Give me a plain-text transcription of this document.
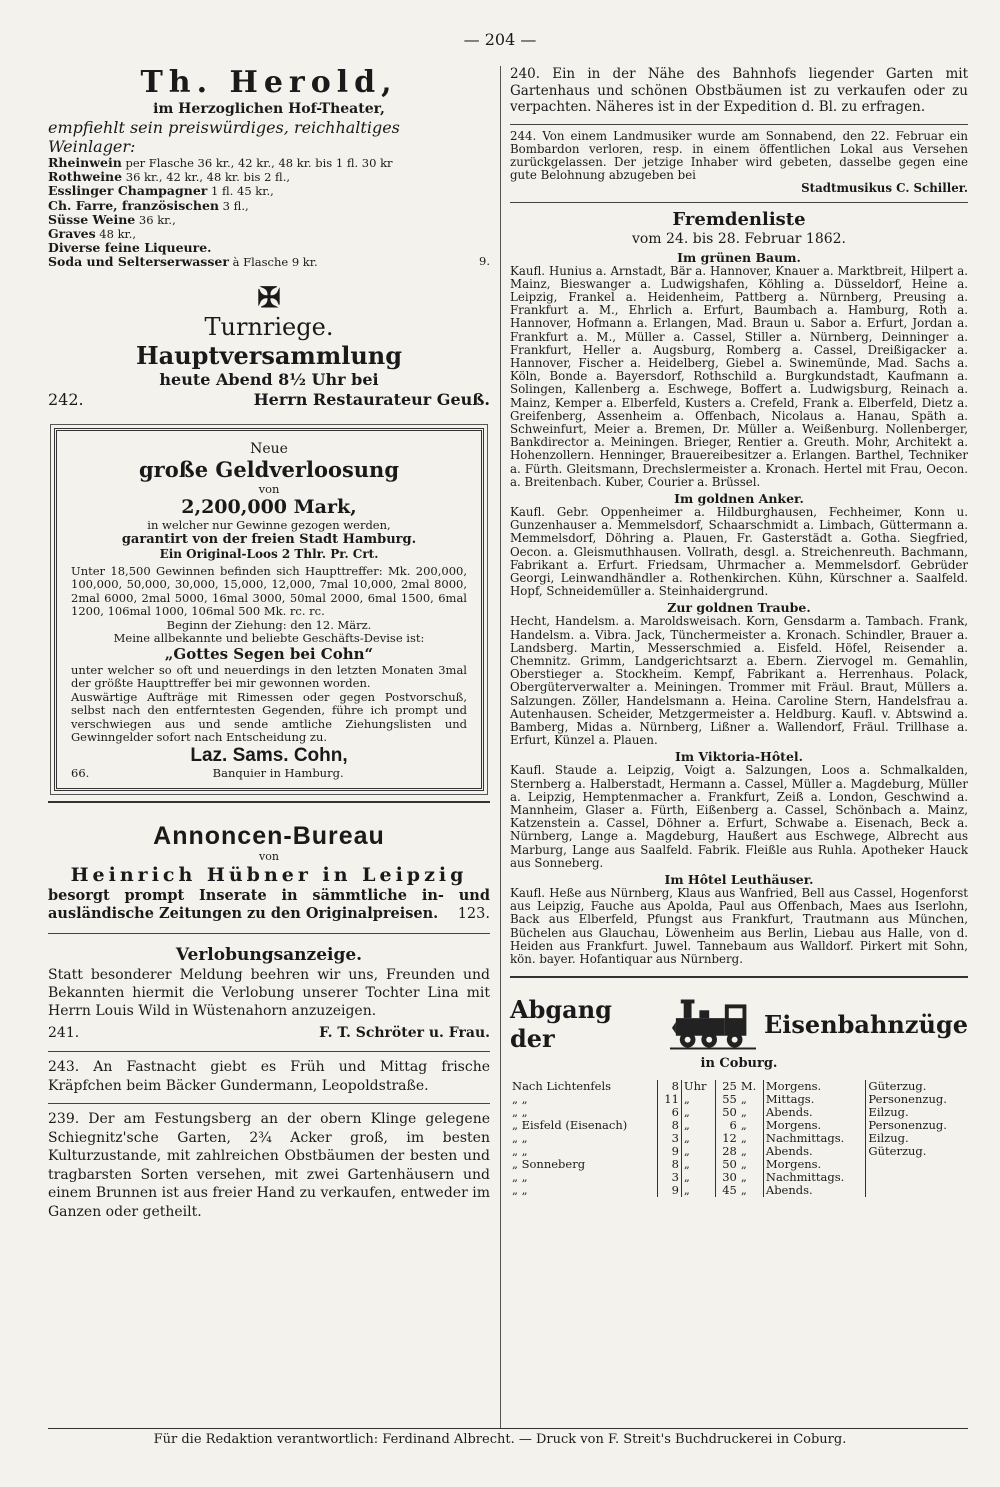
— 204 —
Th. Herold,
im Herzoglichen Hof-Theater,
empfiehlt sein preiswürdiges, reichhaltiges Weinlager:
Rheinwein per Flasche 36 kr., 42 kr., 48 kr. bis 1 fl. 30 kr
Rothweine 36 kr., 42 kr., 48 kr. bis 2 fl.,
Esslinger Champagner 1 fl. 45 kr.,
Ch. Farre, französischen 3 fl.,
Süsse Weine 36 kr.,
Graves 48 kr.,
Diverse feine Liqueure.
Soda und Selterserwasser à Flasche 9 kr.	9.
✠
Turnriege.
Hauptversammlung
heute Abend 8½ Uhr bei
242.	Herrn Restaurateur Geuß.
Neue
große Geldverloosung
von
2,200,000 Mark,
in welcher nur Gewinne gezogen werden,
garantirt von der freien Stadt Hamburg.
Ein Original-Loos 2 Thlr. Pr. Crt.

Unter 18,500 Gewinnen befinden sich Haupttreffer: Mk. 200,000, 100,000, 50,000, 30,000, 15,000, 12,000, 7mal 10,000, 2mal 8000, 2mal 6000, 2mal 5000, 16mal 3000, 50mal 2000, 6mal 1500, 6mal 1200, 106mal 1000, 106mal 500 Mk. rc. rc.

Beginn der Ziehung: den 12. März.
Meine allbekannte und beliebte Geschäfts-Devise ist:
„Gottes Segen bei Cohn“

unter welcher so oft und neuerdings in den letzten Monaten 3mal der größte Haupttreffer bei mir gewonnen worden.

Auswärtige Aufträge mit Rimessen oder gegen Postvorschuß, selbst nach den entferntesten Gegenden, führe ich prompt und verschwiegen aus und sende amtliche Ziehungslisten und Gewinngelder sofort nach Entscheidung zu.

Laz. Sams. Cohn,
66.	Banquier in Hamburg.
Annoncen-Bureau
von
Heinrich Hübner in Leipzig

besorgt prompt Inserate in sämmtliche in- und ausländische Zeitungen zu den Originalpreisen. 123.

Verlobungsanzeige.

Statt besonderer Meldung beehren wir uns, Freunden und Bekannten hiermit die Verlobung unserer Tochter Lina mit Herrn Louis Wild in Wüstenahorn anzuzeigen.

241.	F. T. Schröter u. Frau.

243. An Fastnacht giebt es Früh und Mittag frische Kräpfchen beim Bäcker Gundermann, Leopoldstraße.

239. Der am Festungsberg an der obern Klinge gelegene Schiegnitz'sche Garten, 2¾ Acker groß, im besten Kulturzustande, mit zahlreichen Obstbäumen der besten und tragbarsten Sorten versehen, mit zwei Gartenhäusern und einem Brunnen ist aus freier Hand zu verkaufen, entweder im Ganzen oder getheilt.

240. Ein in der Nähe des Bahnhofs liegender Garten mit Gartenhaus und schönen Obstbäumen ist zu verkaufen oder zu verpachten. Näheres ist in der Expedition d. Bl. zu erfragen.

244. Von einem Landmusiker wurde am Sonnabend, den 22. Februar ein Bombardon verloren, resp. in einem öffentlichen Lokal aus Versehen zurückgelassen. Der jetzige Inhaber wird gebeten, dasselbe gegen eine gute Belohnung abzugeben bei

Stadtmusikus C. Schiller.
Fremdenliste
vom 24. bis 28. Februar 1862.
Im grünen Baum.

Kaufl. Hunius a. Arnstadt, Bär a. Hannover, Knauer a. Marktbreit, Hilpert a. Mainz, Bieswanger a. Ludwigshafen, Köhling a. Düsseldorf, Heine a. Leipzig, Frankel a. Heidenheim, Pattberg a. Nürnberg, Preusing a. Frankfurt a. M., Ehrlich a. Erfurt, Baumbach a. Hamburg, Roth a. Hannover, Hofmann a. Erlangen, Mad. Braun u. Sabor a. Erfurt, Jordan a. Frankfurt a. M., Müller a. Cassel, Stiller a. Nürnberg, Deinninger a. Frankfurt, Heller a. Augsburg, Romberg a. Cassel, Dreißigacker a. Hannover, Fischer a. Heidelberg, Giebel a. Swinemünde, Mad. Sachs a. Köln, Bonde a. Bayersdorf, Rothschild a. Burgkundstadt, Kaufmann a. Solingen, Kallenberg a. Eschwege, Boffert a. Ludwigsburg, Reinach a. Mainz, Kemper a. Elberfeld, Kusters a. Crefeld, Frank a. Elberfeld, Dietz a. Greifenberg, Assenheim a. Offenbach, Nicolaus a. Hanau, Späth a. Schweinfurt, Meier a. Bremen, Dr. Müller a. Weißenburg. Nollenberger, Bankdirector a. Meiningen. Brieger, Rentier a. Greuth. Mohr, Architekt a. Hohenzollern. Henninger, Brauereibesitzer a. Erlangen. Barthel, Techniker a. Fürth. Gleitsmann, Drechslermeister a. Kronach. Hertel mit Frau, Oecon. a. Breitenbach. Kuber, Courier a. Brüssel.

Im goldnen Anker.

Kaufl. Gebr. Oppenheimer a. Hildburghausen, Fechheimer, Konn u. Gunzenhauser a. Memmelsdorf, Schaarschmidt a. Limbach, Güttermann a. Memmelsdorf, Döhring a. Plauen, Fr. Gasterstädt a. Gotha. Siegfried, Oecon. a. Gleismuthhausen. Vollrath, desgl. a. Streichenreuth. Bachmann, Fabrikant a. Erfurt. Friedsam, Uhrmacher a. Memmelsdorf. Gebrüder Georgi, Leinwandhändler a. Rothenkirchen. Kühn, Kürschner a. Saalfeld. Hopf, Schneidemüller a. Steinhaidergrund.

Zur goldnen Traube.

Hecht, Handelsm. a. Maroldsweisach. Korn, Gensdarm a. Tambach. Frank, Handelsm. a. Vibra. Jack, Tünchermeister a. Kronach. Schindler, Brauer a. Landsberg. Martin, Messerschmied a. Eisfeld. Höfel, Reisender a. Chemnitz. Grimm, Landgerichtsarzt a. Ebern. Ziervogel m. Gemahlin, Oberstieger a. Stockheim. Kempf, Fabrikant a. Herrenhaus. Polack, Obergüterverwalter a. Meiningen. Trommer mit Fräul. Braut, Müllers a. Salzungen. Zöller, Handelsmann a. Heina. Caroline Stern, Handelsfrau a. Autenhausen. Scheider, Metzgermeister a. Heldburg. Kaufl. v. Abtswind a. Bamberg, Midas a. Nürnberg, Lißner a. Wallendorf, Fräul. Trillhase a. Erfurt, Künzel a. Plauen.

Im Viktoria-Hôtel.

Kaufl. Staude a. Leipzig, Voigt a. Salzungen, Loos a. Schmalkalden, Sternberg a. Halberstadt, Hermann a. Cassel, Müller a. Magdeburg, Müller a. Leipzig, Hemptenmacher a. Frankfurt, Zeiß a. London, Geschwind a. Mannheim, Glaser a. Fürth, Eißenberg a. Cassel, Schönbach a. Mainz, Katzenstein a. Cassel, Döhner a. Erfurt, Schwabe a. Eisenach, Beck a. Nürnberg, Lange a. Magdeburg, Haußert aus Eschwege, Albrecht aus Marburg, Lange aus Saalfeld. Fabrik. Fleißle aus Ruhla. Apotheker Hauck aus Sonneberg.

Im Hôtel Leuthäuser.

Kaufl. Heße aus Nürnberg, Klaus aus Wanfried, Bell aus Cassel, Hogenforst aus Leipzig, Fauche aus Apolda, Paul aus Offenbach, Maes aus Iserlohn, Back aus Elberfeld, Pfungst aus Frankfurt, Trautmann aus München, Büchelen aus Glauchau, Löwenheim aus Berlin, Liebau aus Halle, von d. Heiden aus Frankfurt. Juwel. Tannebaum aus Walldorf. Pirkert mit Sohn, kön. bayer. Hofantiquar aus Nürnberg.

Abgang der	Eisenbahnzüge
in Coburg.
Nach Lichtenfels	8	Uhr	25	M.	Morgens.	Güterzug.
„ „	11	„	55	„	Mittags.	Personenzug.
„ „	6	„	50	„	Abends.	Eilzug.
„ Eisfeld (Eisenach)	8	„	6	„	Morgens.	Personenzug.
„ „	3	„	12	„	Nachmittags.	Eilzug.
„ „	9	„	28	„	Abends.	Güterzug.
„ Sonneberg	8	„	50	„	Morgens.	
„ „	3	„	30	„	Nachmittags.	
„ „	9	„	45	„	Abends.	
Für die Redaktion verantwortlich: Ferdinand Albrecht. — Druck von F. Streit's Buchdruckerei in Coburg.
